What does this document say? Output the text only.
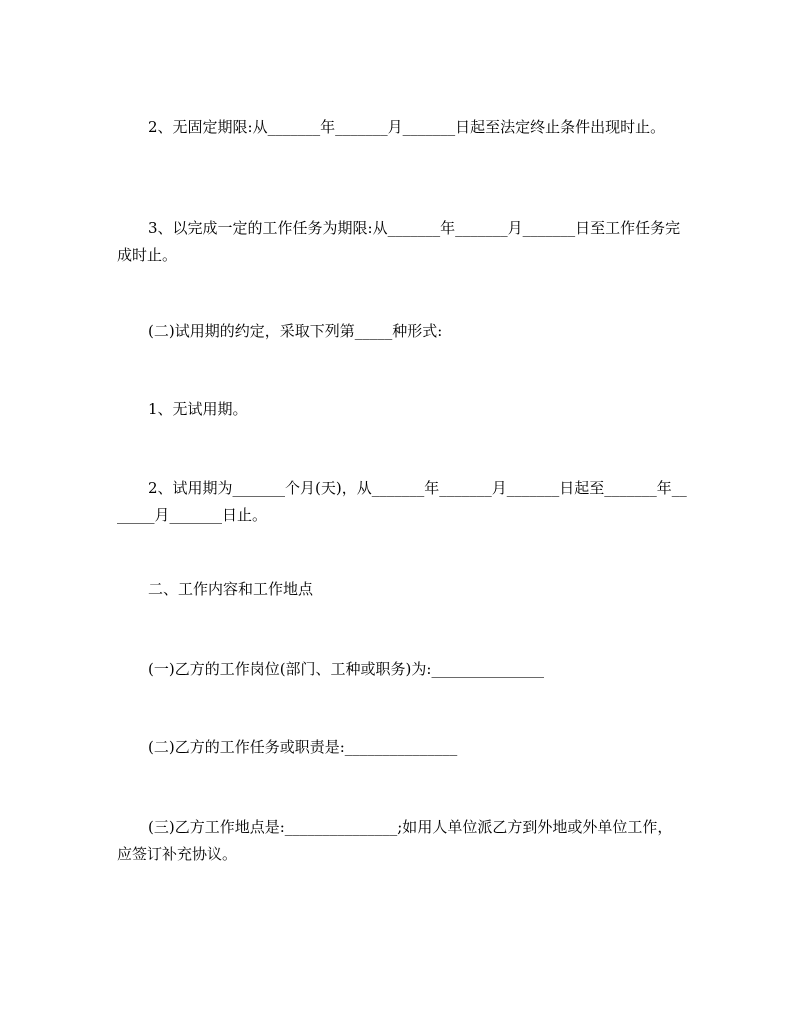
2、无固定期限:从_______年_______月_______日起至法定终止条件出现时止。

3、以完成一定的工作任务为期限:从_______年_______月_______日至工作任务完成时止。

(二)试用期的约定，采取下列第_____种形式:

1、无试用期。

2、试用期为_______个月(天)，从_______年_______月_______日起至_______年_______月_______日止。

二、工作内容和工作地点

(一)乙方的工作岗位(部门、工种或职务)为:_______________

(二)乙方的工作任务或职责是:_______________

(三)乙方工作地点是:_______________;如用人单位派乙方到外地或外单位工作，应签订补充协议。
